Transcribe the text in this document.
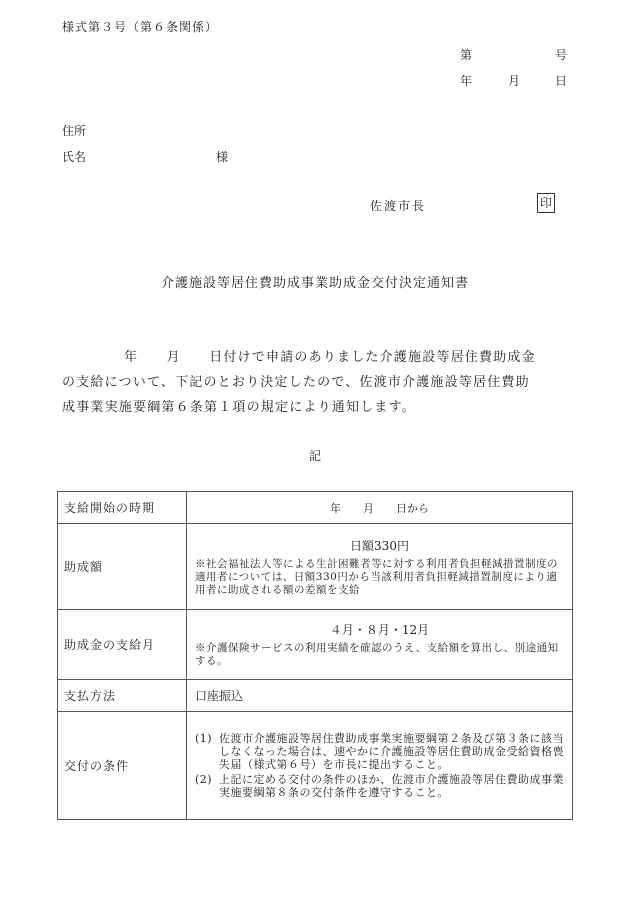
様式第３号（第６条関係）
第	号
年	月	日
住所
氏名	様
佐渡市長	印
介護施設等居住費助成事業助成金交付決定通知書
年　　月　　日付けで申請のありました介護施設等居住費助成金
の支給について、下記のとおり決定したので、佐渡市介護施設等居住費助
成事業実施要綱第６条第１項の規定により通知します。
記
支給開始の時期	年　　月　　日から
助成額	日額330円
※社会福祉法人等による生計困難者等に対する利用者負担軽減措置制度の適用者については、日額330円から当該利用者負担軽減措置制度により適用者に助成される額の差額を支給

助成金の支給月	４月・８月・12月
※介護保険サービスの利用実績を確認のうえ、支給額を算出し、別途通知する。

支払方法	口座振込
交付の条件	(1) 佐渡市介護施設等居住費助成事業実施要綱第２条及び第３条に該当しなくなった場合は、速やかに介護施設等居住費助成金受給資格喪失届（様式第６号）を市長に提出すること。
(2) 上記に定める交付の条件のほか、佐渡市介護施設等居住費助成事業実施要綱第８条の交付条件を遵守すること。
